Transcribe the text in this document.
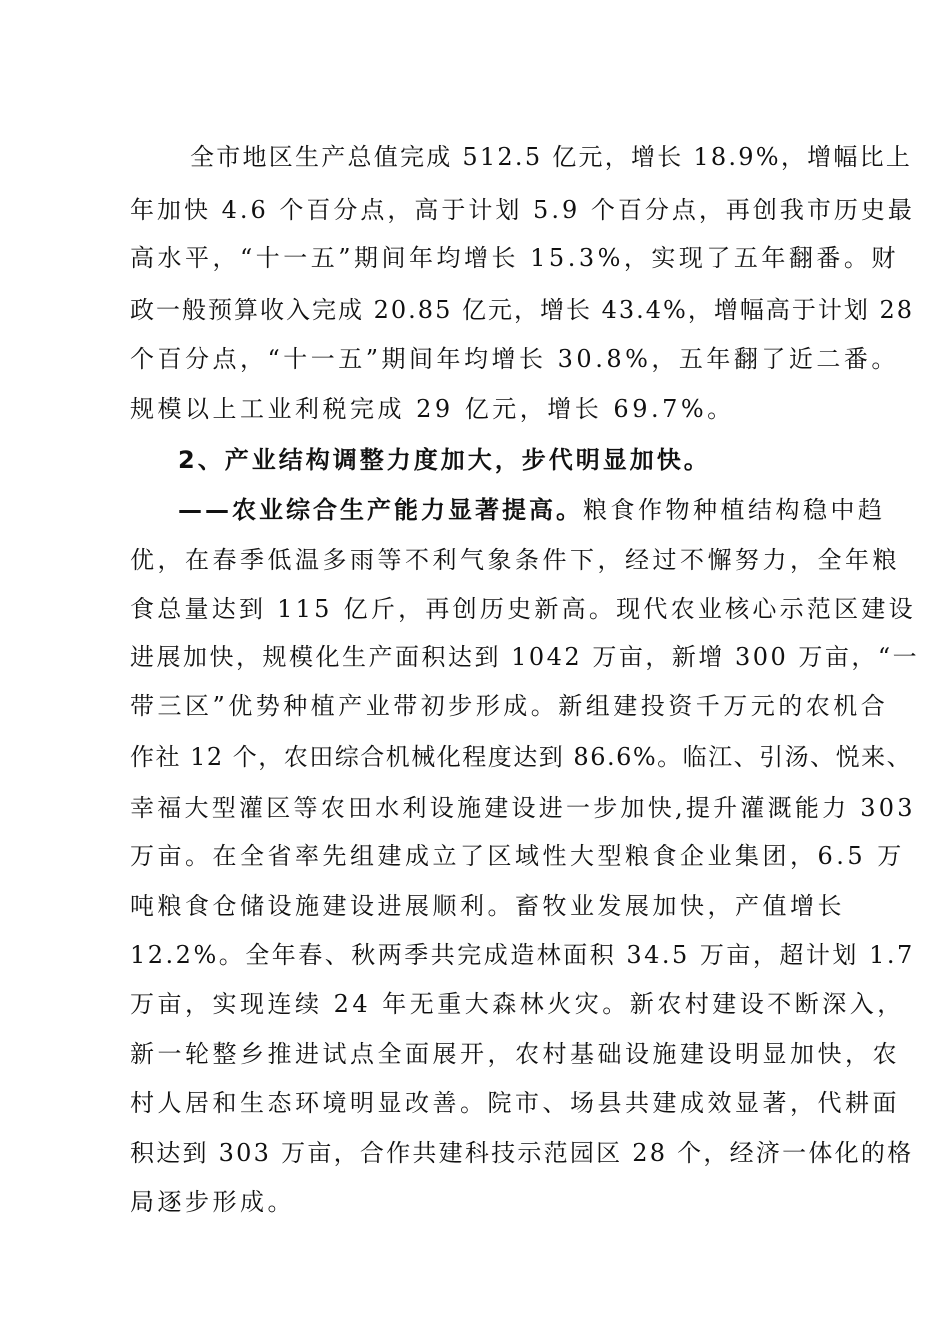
全市地区生产总值完成 512.5 亿元，增长 18.9%，增幅比上
年加快 4.6 个百分点，高于计划 5.9 个百分点，再创我市历史最
高水平，“十一五”期间年均增长 15.3%，实现了五年翻番。财
政一般预算收入完成 20.85 亿元，增长 43.4%，增幅高于计划 28
个百分点，“十一五”期间年均增长 30.8%，五年翻了近二番。
规模以上工业利税完成 29 亿元，增长 69.7%。
2、产业结构调整力度加大，步代明显加快。
——农业综合生产能力显著提高。粮食作物种植结构稳中趋
优，在春季低温多雨等不利气象条件下，经过不懈努力，全年粮
食总量达到 115 亿斤，再创历史新高。现代农业核心示范区建设
进展加快，规模化生产面积达到 1042 万亩，新增 300 万亩，“一
带三区”优势种植产业带初步形成。新组建投资千万元的农机合
作社 12 个，农田综合机械化程度达到 86.6%。临江、引汤、悦来、
幸福大型灌区等农田水利设施建设进一步加快,提升灌溉能力 303
万亩。在全省率先组建成立了区域性大型粮食企业集团，6.5 万
吨粮食仓储设施建设进展顺利。畜牧业发展加快，产值增长
12.2%。全年春、秋两季共完成造林面积 34.5 万亩，超计划 1.7
万亩，实现连续 24 年无重大森林火灾。新农村建设不断深入，
新一轮整乡推进试点全面展开，农村基础设施建设明显加快，农
村人居和生态环境明显改善。院市、场县共建成效显著，代耕面
积达到 303 万亩，合作共建科技示范园区 28 个，经济一体化的格
局逐步形成。
